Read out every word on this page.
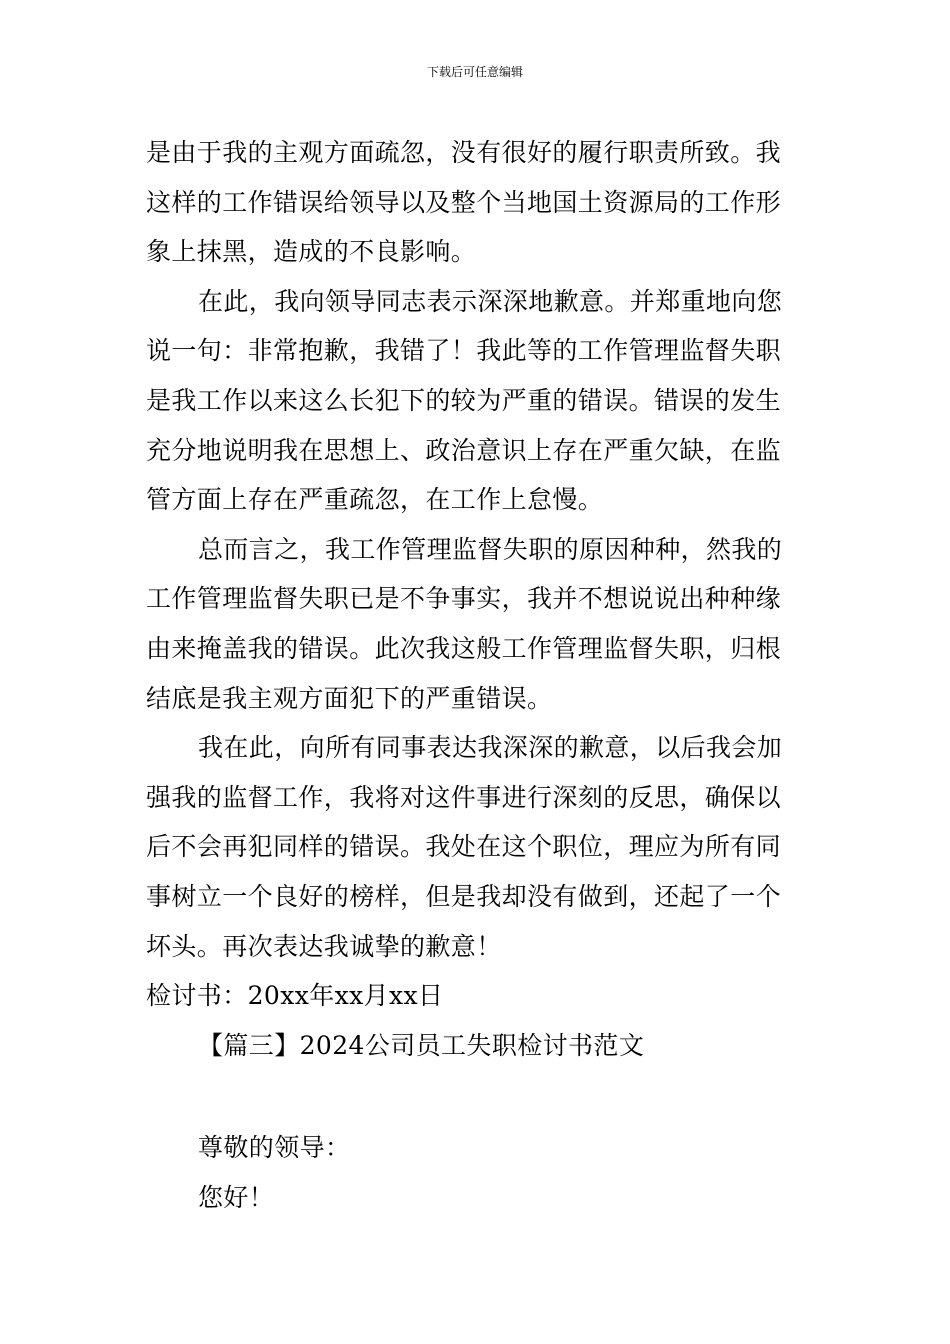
下载后可任意编辑
是由于我的主观方面疏忽，没有很好的履行职责所致。我
这样的工作错误给领导以及整个当地国土资源局的工作形
象上抹黑，造成的不良影响。
在此，我向领导同志表示深深地歉意。并郑重地向您
说一句：非常抱歉，我错了！我此等的工作管理监督失职
是我工作以来这么长犯下的较为严重的错误。错误的发生
充分地说明我在思想上、政治意识上存在严重欠缺，在监
管方面上存在严重疏忽，在工作上怠慢。
总而言之，我工作管理监督失职的原因种种，然我的
工作管理监督失职已是不争事实，我并不想说说出种种缘
由来掩盖我的错误。此次我这般工作管理监督失职，归根
结底是我主观方面犯下的严重错误。
我在此，向所有同事表达我深深的歉意，以后我会加
强我的监督工作，我将对这件事进行深刻的反思，确保以
后不会再犯同样的错误。我处在这个职位，理应为所有同
事树立一个良好的榜样，但是我却没有做到，还起了一个
坏头。再次表达我诚挚的歉意！
检讨书：20xx年xx月xx日
【篇三】2024公司员工失职检讨书范文
尊敬的领导：
您好！
